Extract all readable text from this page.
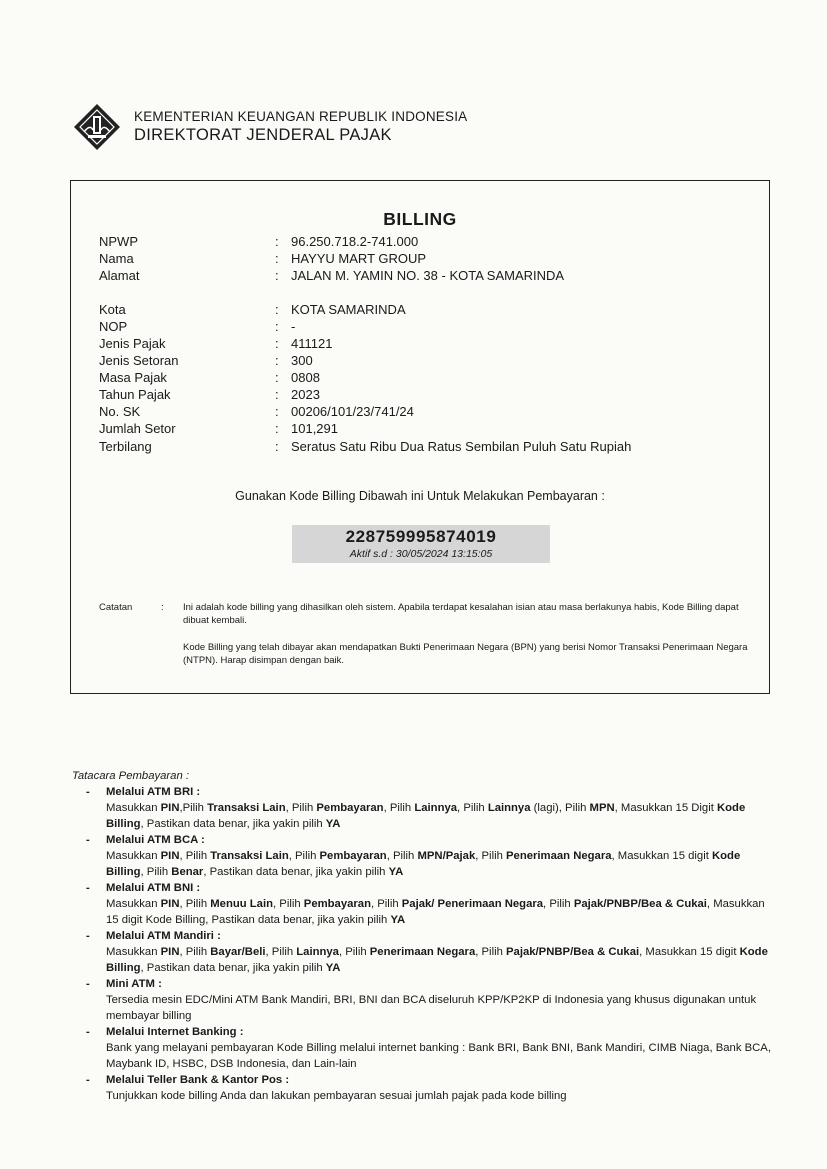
KEMENTERIAN KEUANGAN REPUBLIK INDONESIA
DIREKTORAT JENDERAL PAJAK
BILLING
NPWP	: 96.250.718.2-741.000
Nama	: HAYYU MART GROUP
Alamat	: JALAN M. YAMIN NO. 38 - KOTA SAMARINDA
Kota	: KOTA SAMARINDA
NOP	: -
Jenis Pajak	: 411121
Jenis Setoran	: 300
Masa Pajak	: 0808
Tahun Pajak	: 2023
No. SK	: 00206/101/23/741/24
Jumlah Setor	: 101,291
Terbilang	: Seratus Satu Ribu Dua Ratus Sembilan Puluh Satu Rupiah
Gunakan Kode Billing Dibawah ini Untuk Melakukan Pembayaran :
228759995874019
Aktif s.d : 30/05/2024 13:15:05
Catatan	: Ini adalah kode billing yang dihasilkan oleh sistem. Apabila terdapat kesalahan isian atau masa berlakunya habis, Kode Billing dapat dibuat kembali.
Kode Billing yang telah dibayar akan mendapatkan Bukti Penerimaan Negara (BPN) yang berisi Nomor Transaksi Penerimaan Negara (NTPN). Harap disimpan dengan baik.
Tatacara Pembayaran :
- Melalui ATM BRI :
Masukkan PIN,Pilih Transaksi Lain, Pilih Pembayaran, Pilih Lainnya, Pilih Lainnya (lagi), Pilih MPN, Masukkan 15 Digit Kode Billing, Pastikan data benar, jika yakin pilih YA
- Melalui ATM BCA :
Masukkan PIN, Pilih Transaksi Lain, Pilih Pembayaran, Pilih MPN/Pajak, Pilih Penerimaan Negara, Masukkan 15 digit Kode Billing, Pilih Benar, Pastikan data benar, jika yakin pilih YA
- Melalui ATM BNI :
Masukkan PIN, Pilih Menuu Lain, Pilih Pembayaran, Pilih Pajak/ Penerimaan Negara, Pilih Pajak/PNBP/Bea & Cukai, Masukkan 15 digit Kode Billing, Pastikan data benar, jika yakin pilih YA
- Melalui ATM Mandiri :
Masukkan PIN, Pilih Bayar/Beli, Pilih Lainnya, Pilih Penerimaan Negara, Pilih Pajak/PNBP/Bea & Cukai, Masukkan 15 digit Kode Billing, Pastikan data benar, jika yakin pilih YA
- Mini ATM :
Tersedia mesin EDC/Mini ATM Bank Mandiri, BRI, BNI dan BCA diseluruh KPP/KP2KP di Indonesia yang khusus digunakan untuk membayar billing
- Melalui Internet Banking :
Bank yang melayani pembayaran Kode Billing melalui internet banking : Bank BRI, Bank BNI, Bank Mandiri, CIMB Niaga, Bank BCA, Maybank ID, HSBC, DSB Indonesia, dan Lain-lain
- Melalui Teller Bank & Kantor Pos :
Tunjukkan kode billing Anda dan lakukan pembayaran sesuai jumlah pajak pada kode billing
